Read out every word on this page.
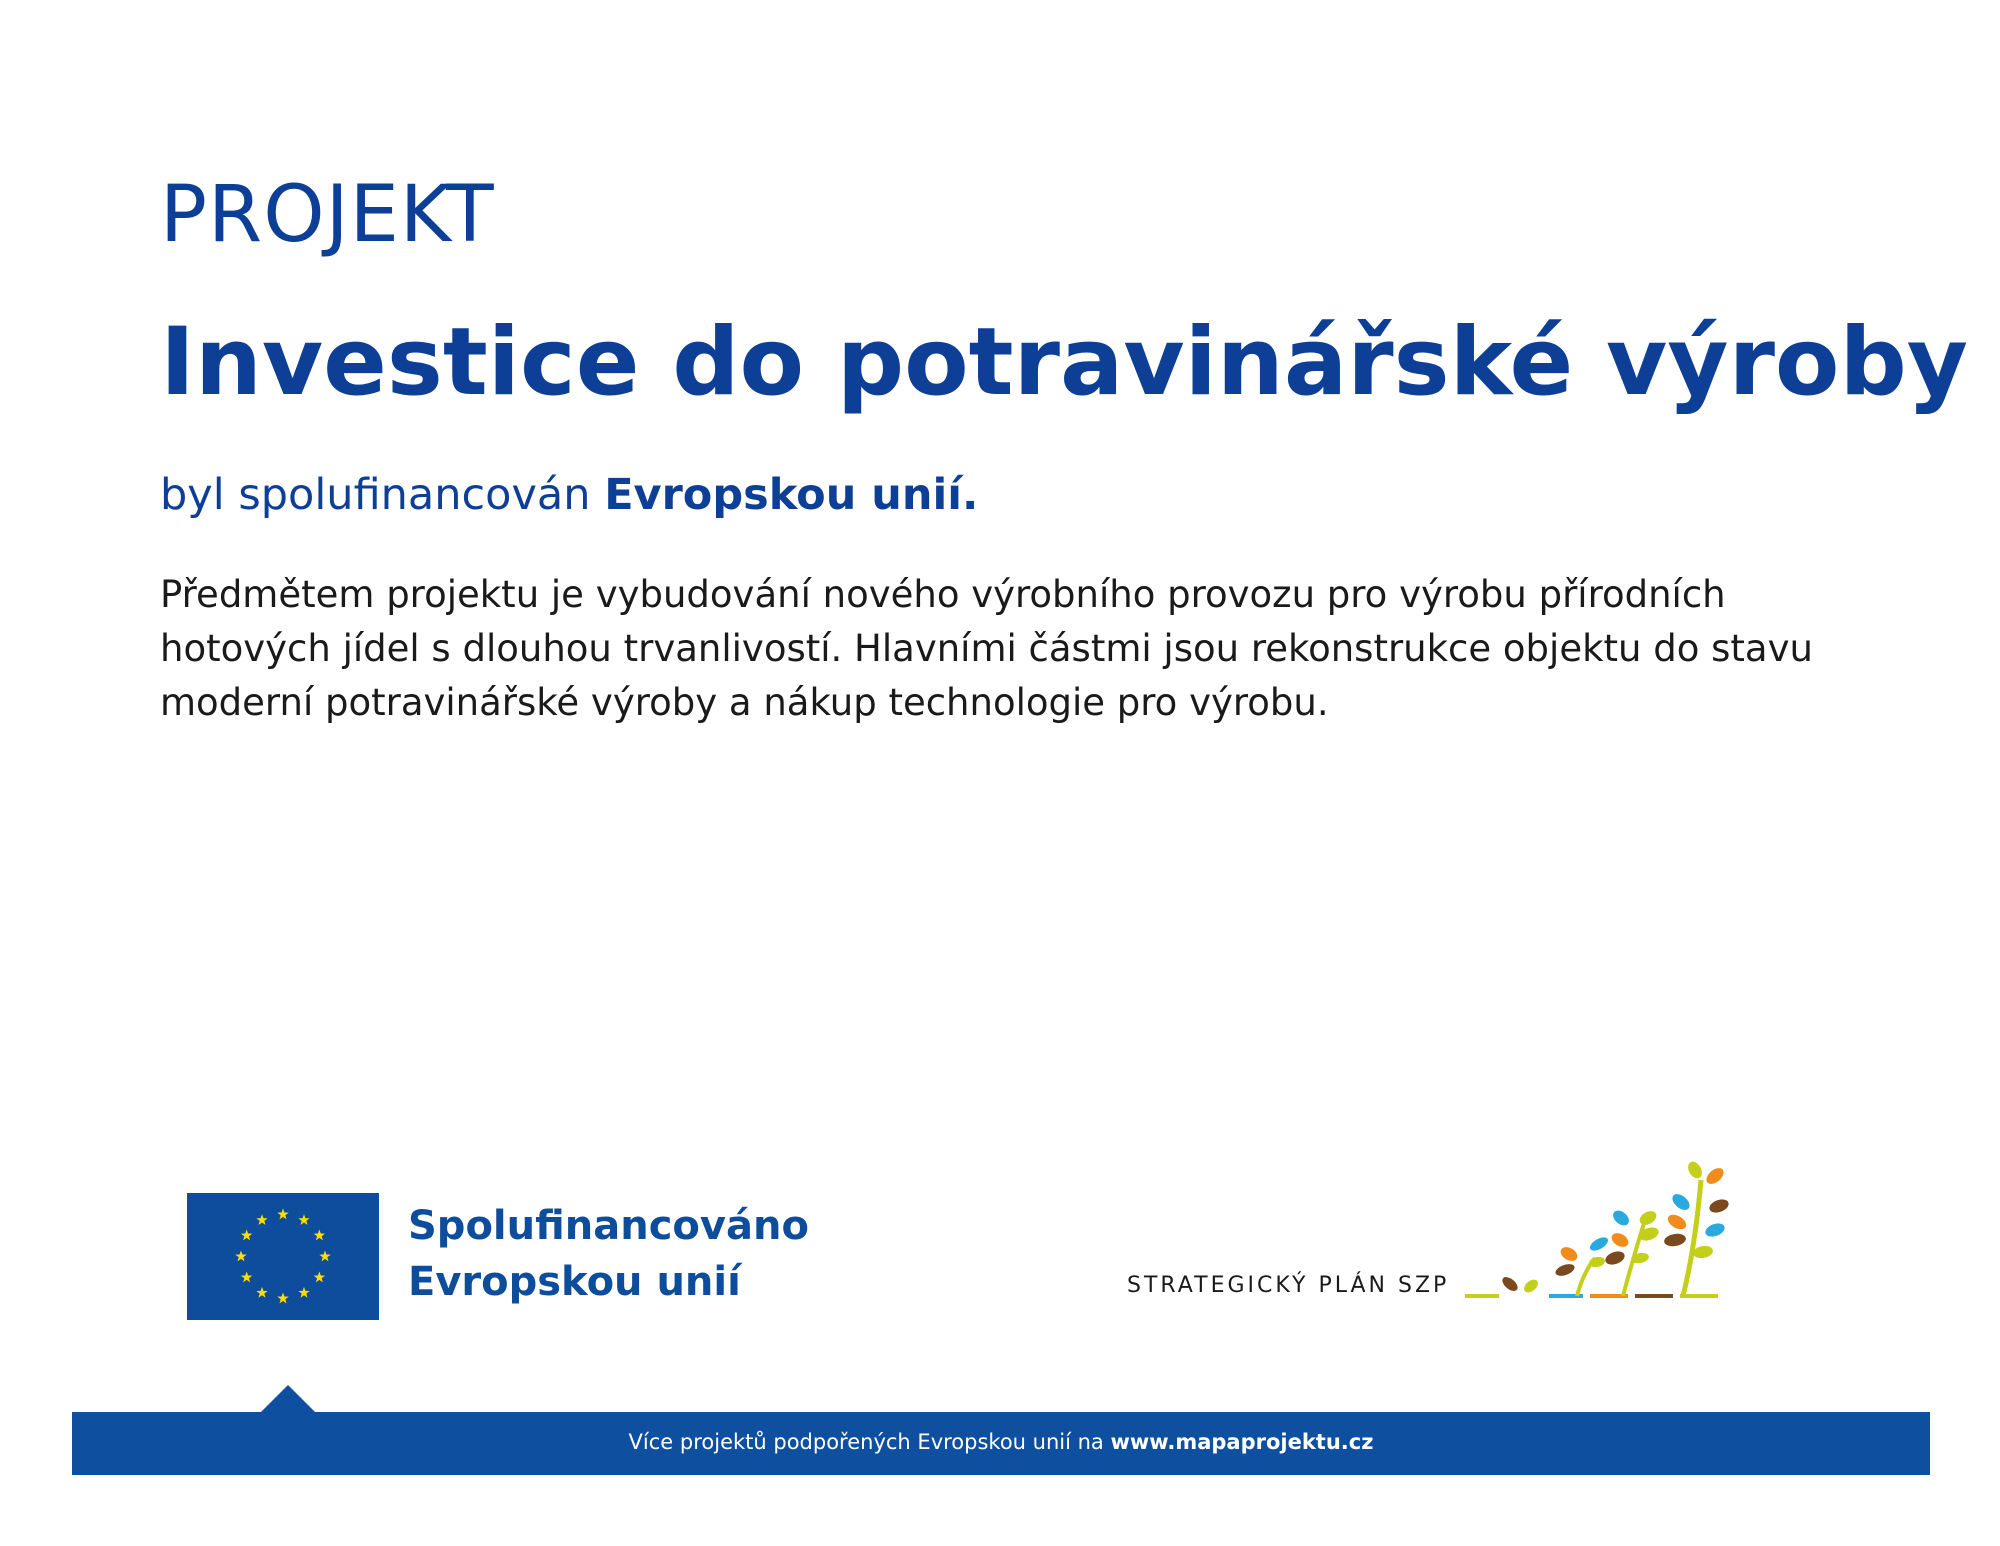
PROJEKT
Investice do potravinářské výroby
byl spolufinancován Evropskou unií.
Předmětem projektu je vybudování nového výrobního provozu pro výrobu přírodních hotových jídel s dlouhou trvanlivostí. Hlavními částmi jsou rekonstrukce objektu do stavu moderní potravinářské výroby a nákup technologie pro výrobu.
Spolufinancováno
Evropskou unií	STRATEGICKÝ PLÁN SZP
Více projektů podpořených Evropskou unií na www.mapaprojektu.cz
